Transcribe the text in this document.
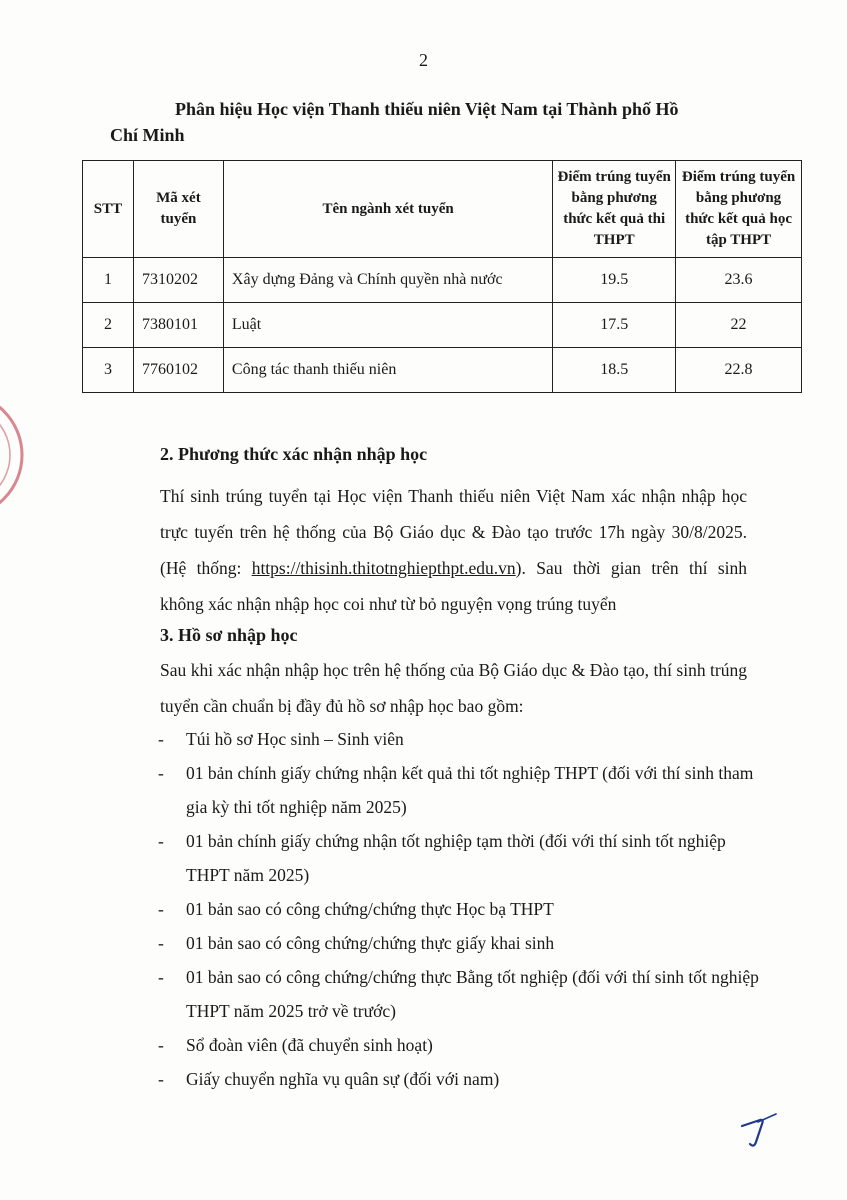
2
Phân hiệu Học viện Thanh thiếu niên Việt Nam tại Thành phố Hồ
Chí Minh
STT	Mã xét tuyển	Tên ngành xét tuyển	Điểm trúng tuyển bằng phương thức kết quả thi THPT	Điểm trúng tuyển bằng phương thức kết quả học tập THPT
1	7310202	Xây dựng Đảng và Chính quyền nhà nước	19.5	23.6
2	7380101	Luật	17.5	22
3	7760102	Công tác thanh thiếu niên	18.5	22.8
2. Phương thức xác nhận nhập học
Thí sinh trúng tuyển tại Học viện Thanh thiếu niên Việt Nam xác nhận nhập học trực tuyến trên hệ thống của Bộ Giáo dục & Đào tạo trước 17h ngày 30/8/2025. (Hệ thống: https://thisinh.thitotnghiepthpt.edu.vn). Sau thời gian trên thí sinh không xác nhận nhập học coi như từ bỏ nguyện vọng trúng tuyển
3. Hồ sơ nhập học
Sau khi xác nhận nhập học trên hệ thống của Bộ Giáo dục & Đào tạo, thí sinh trúng tuyển cần chuẩn bị đầy đủ hồ sơ nhập học bao gồm:
- Túi hồ sơ Học sinh – Sinh viên
- 01 bản chính giấy chứng nhận kết quả thi tốt nghiệp THPT (đối với thí sinh tham gia kỳ thi tốt nghiệp năm 2025)
- 01 bản chính giấy chứng nhận tốt nghiệp tạm thời (đối với thí sinh tốt nghiệp THPT năm 2025)
- 01 bản sao có công chứng/chứng thực Học bạ THPT
- 01 bản sao có công chứng/chứng thực giấy khai sinh
- 01 bản sao có công chứng/chứng thực Bằng tốt nghiệp (đối với thí sinh tốt nghiệp THPT năm 2025 trở về trước)
- Sổ đoàn viên (đã chuyển sinh hoạt)
- Giấy chuyển nghĩa vụ quân sự (đối với nam)
